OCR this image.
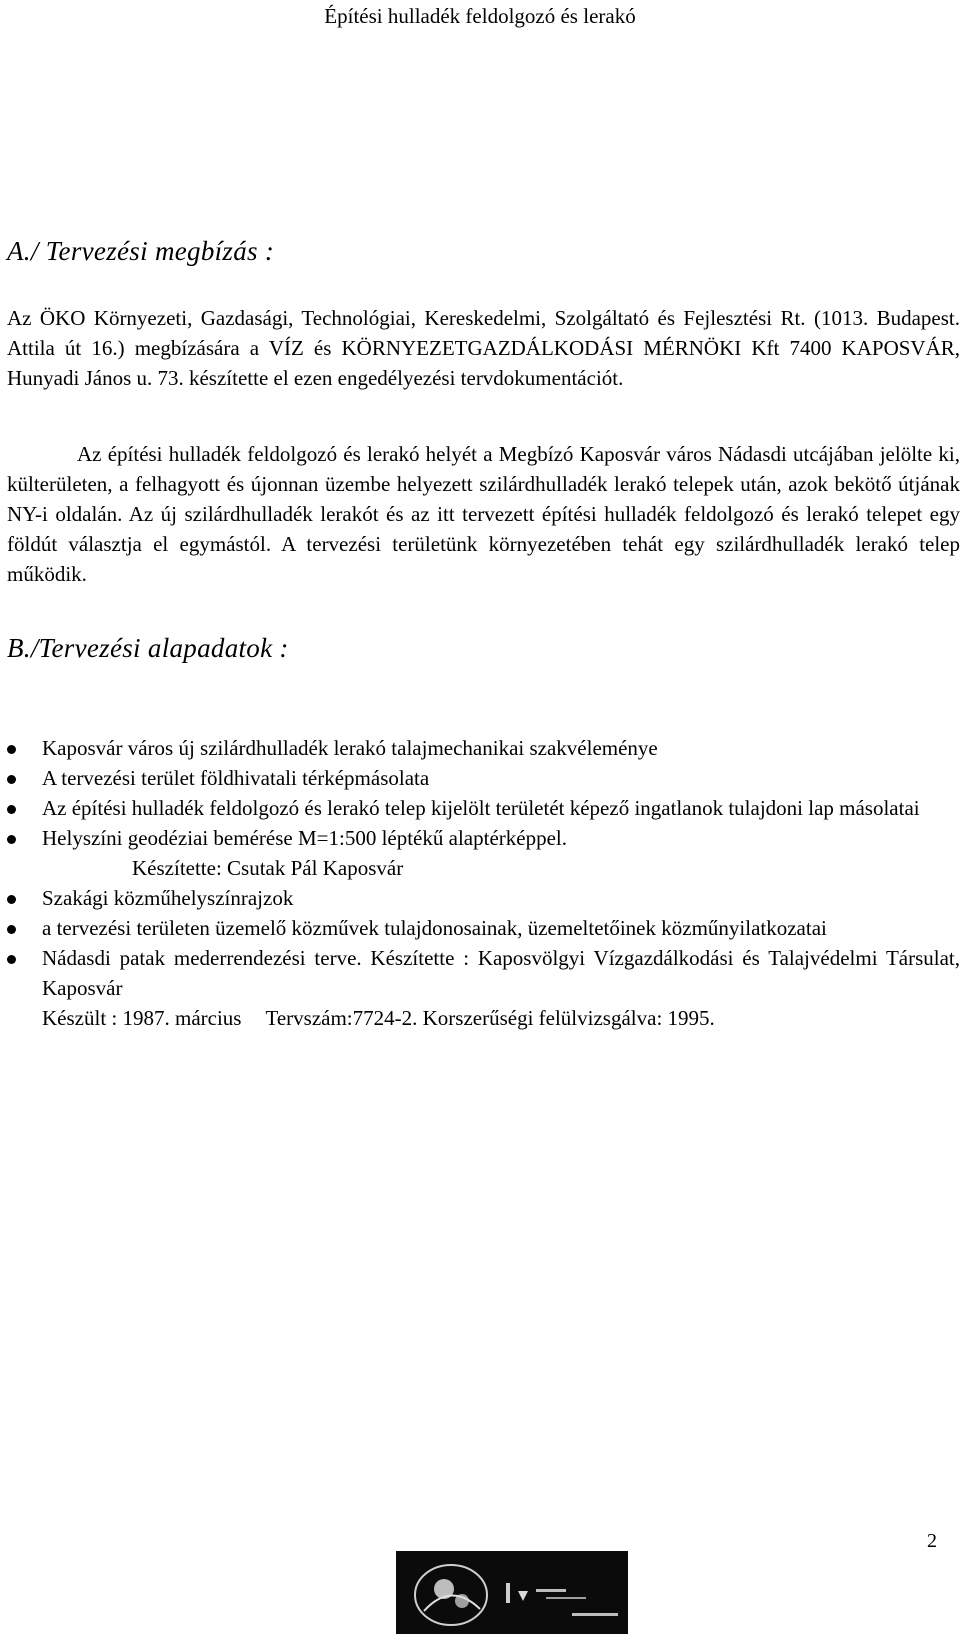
Építési hulladék feldolgozó és lerakó
A./ Tervezési megbízás :

Az ÖKO Környezeti, Gazdasági, Technológiai, Kereskedelmi, Szolgáltató és Fejlesztési Rt. (1013. Budapest. Attila út 16.) megbízására a VÍZ és KÖRNYEZETGAZDÁLKODÁSI MÉRNÖKI Kft 7400 KAPOSVÁR, Hunyadi János u. 73. készítette el ezen engedélyezési tervdokumentációt.

Az építési hulladék feldolgozó és lerakó helyét a Megbízó Kaposvár város Nádasdi utcájában jelölte ki, külterületen, a felhagyott és újonnan üzembe helyezett szilárdhulladék lerakó telepek után, azok bekötő útjának NY-i oldalán. Az új szilárdhulladék lerakót és az itt tervezett építési hulladék feldolgozó és lerakó telepet egy földút választja el egymástól. A tervezési területünk környezetében tehát egy szilárdhulladék lerakó telep működik.

B./Tervezési alapadatok :
Kaposvár város új szilárdhulladék lerakó talajmechanikai szakvéleménye
A tervezési terület földhivatali térképmásolata
Az építési hulladék feldolgozó és lerakó telep kijelölt területét képező ingatlanok tulajdoni lap másolatai
Helyszíni geodéziai bemérése M=1:500 léptékű alaptérképpel.
Készítette: Csutak Pál Kaposvár
Szakági közműhelyszínrajzok
a tervezési területen üzemelő közművek tulajdonosainak, üzemeltetőinek közműnyilatkozatai
Nádasdi patak mederrendezési terve. Készítette : Kaposvölgyi Vízgazdálkodási és Talajvédelmi Társulat, Kaposvár
Készült : 1987. március Tervszám:7724-2. Korszerűségi felülvizsgálva: 1995.
2
